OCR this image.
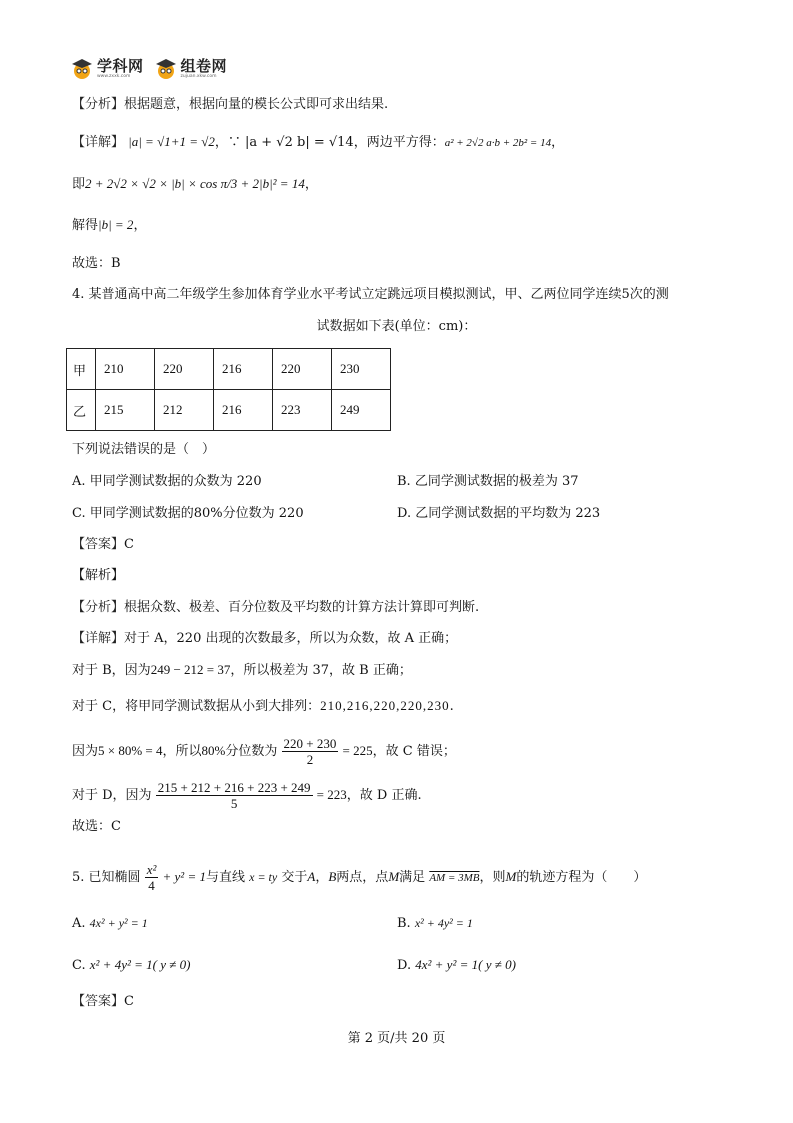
学科网
www.zxxk.com
组卷网
zujuan.xkw.com
【分析】根据题意，根据向量的模长公式即可求出结果.
【详解】 |a| = √1+1 = √2，∵ |a + √2 b| = √14，两边平方得：a² + 2√2 a·b + 2b² = 14，
即2 + 2√2 × √2 × |b| × cos π/3 + 2|b|² = 14，
解得|b| = 2，
故选：B
4. 某普通高中高二年级学生参加体育学业水平考试立定跳远项目模拟测试，甲、乙两位同学连续5次的测
试数据如下表(单位：cm)：
甲	210	220	216	220	230
乙	215	212	216	223	249
下列说法错误的是（　）
A. 甲同学测试数据的众数为 220	B. 乙同学测试数据的极差为 37
C. 甲同学测试数据的80%分位数为 220	D. 乙同学测试数据的平均数为 223
【答案】C
【解析】
【分析】根据众数、极差、百分位数及平均数的计算方法计算即可判断.
【详解】对于 A，220 出现的次数最多，所以为众数，故 A 正确；
对于 B，因为249 − 212 = 37，所以极差为 37，故 B 正确；
对于 C，将甲同学测试数据从小到大排列：210,216,220,220,230.
因为5 × 80% = 4，所以80%分位数为 $\frac{220 + 230}{2} = 225$，故 C 错误；
对于 D，因为 $\frac{215 + 212 + 216 + 223 + 249}{5} = 223$，故 D 正确.
故选：C
5. 已知椭圆 $\frac{\text{x²}}{4} + y^2 = 1$与直线 x = ty 交于A，B两点，点M满足 AM = 3MB，则M的轨迹方程为（　　）
A. 4x² + y² = 1	B. x² + 4y² = 1
C. x² + 4y² = 1( y ≠ 0)	D. 4x² + y² = 1( y ≠ 0)
【答案】C
第 2 页/共 20 页
